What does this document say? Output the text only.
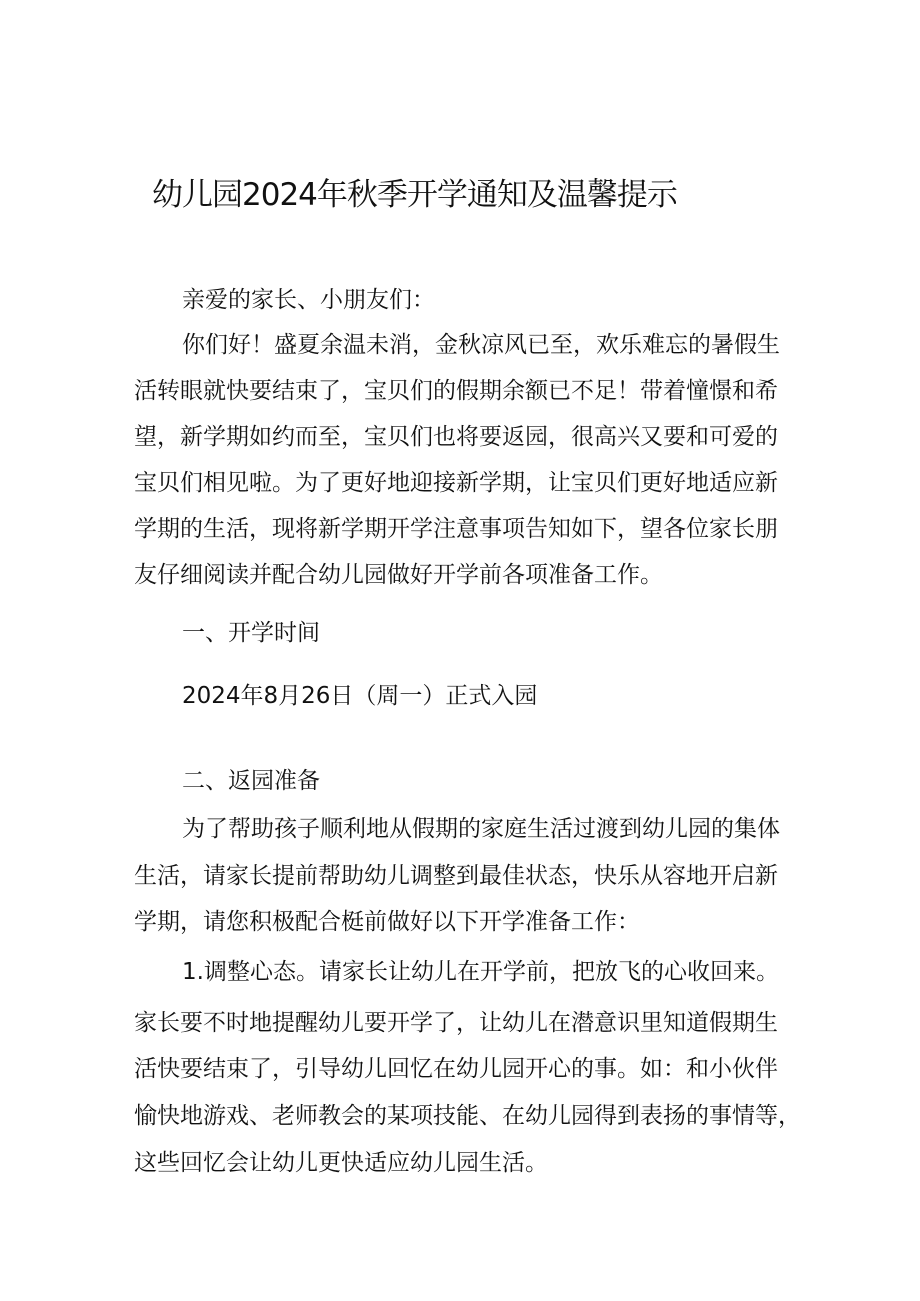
幼儿园2024年秋季开学通知及温馨提示

亲爱的家长、小朋友们：

你们好！盛夏余温未消，金秋凉风已至，欢乐难忘的暑假生

活转眼就快要结束了，宝贝们的假期余额已不足！带着憧憬和希

望，新学期如约而至，宝贝们也将要返园，很高兴又要和可爱的

宝贝们相见啦。为了更好地迎接新学期，让宝贝们更好地适应新

学期的生活，现将新学期开学注意事项告知如下，望各位家长朋

友仔细阅读并配合幼儿园做好开学前各项准备工作。

一、开学时间

2024年8月26日（周一）正式入园

二、返园准备

为了帮助孩子顺利地从假期的家庭生活过渡到幼儿园的集体

生活，请家长提前帮助幼儿调整到最佳状态，快乐从容地开启新

学期，请您积极配合梃前做好以下开学准备工作：

1.调整心态。请家长让幼儿在开学前，把放飞的心收回来。

家长要不时地提醒幼儿要开学了，让幼儿在潜意识里知道假期生

活快要结束了，引导幼儿回忆在幼儿园开心的事。如：和小伙伴

愉快地游戏、老师教会的某项技能、在幼儿园得到表扬的事情等，

这些回忆会让幼儿更快适应幼儿园生活。
